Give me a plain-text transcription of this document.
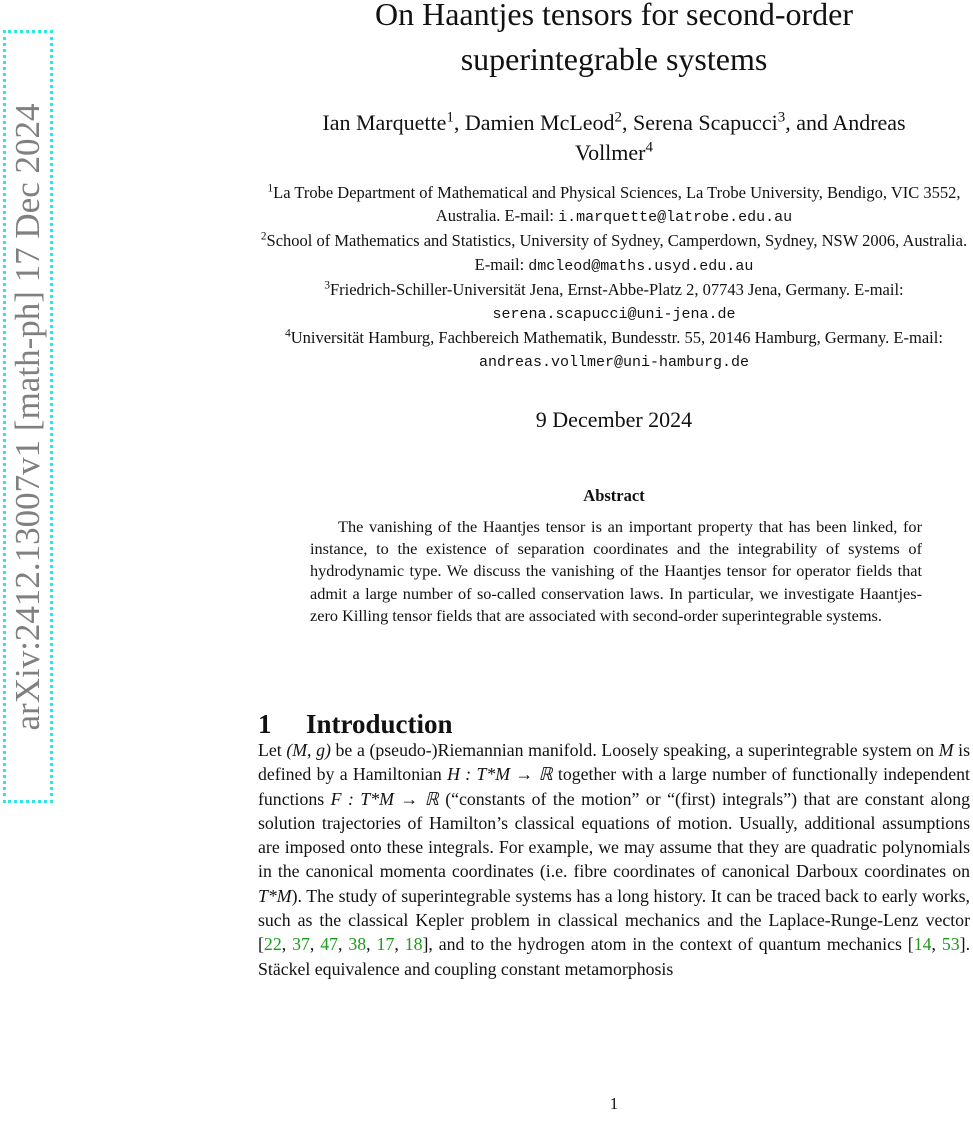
arXiv:2412.13007v1 [math-ph] 17 Dec 2024
On Haantjes tensors for second-order
superintegrable systems
Ian Marquette$^1$, Damien McLeod$^2$, Serena Scapucci$^3$, and Andreas
Vollmer$^4$
$^1$La Trobe Department of Mathematical and Physical Sciences, La Trobe University, Bendigo, VIC 3552, Australia. E-mail: i.marquette@latrobe.edu.au
$^2$School of Mathematics and Statistics, University of Sydney, Camperdown, Sydney, NSW 2006, Australia. E-mail: dmcleod@maths.usyd.edu.au
$^3$Friedrich-Schiller-Universität Jena, Ernst-Abbe-Platz 2, 07743 Jena, Germany. E-mail: serena.scapucci@uni-jena.de
$^4$Universität Hamburg, Fachbereich Mathematik, Bundesstr. 55, 20146 Hamburg, Germany. E-mail: andreas.vollmer@uni-hamburg.de
9 December 2024
Abstract
The vanishing of the Haantjes tensor is an important property that has been linked, for instance, to the existence of separation coordinates and the integrability of systems of hydrodynamic type. We discuss the vanishing of the Haantjes tensor for operator fields that admit a large number of so-called conservation laws. In particular, we investigate Haantjes-zero Killing tensor fields that are associated with second-order superintegrable systems.
1 Introduction
Let (M, g) be a (pseudo-)Riemannian manifold. Loosely speaking, a superintegrable system on M is defined by a Hamiltonian H : T*M → ℝ together with a large number of functionally independent functions F : T*M → ℝ (“constants of the motion” or “(first) integrals”) that are constant along solution trajectories of Hamilton’s classical equations of motion. Usually, additional assumptions are imposed onto these integrals. For example, we may assume that they are quadratic polynomials in the canonical momenta coordinates (i.e. fibre coordinates of canonical Darboux coordinates on T*M). The study of superintegrable systems has a long history. It can be traced back to early works, such as the classical Kepler problem in classical mechanics and the Laplace-Runge-Lenz vector [22, 37, 47, 38, 17, 18], and to the hydrogen atom in the context of quantum mechanics [14, 53]. Stäckel equivalence and coupling constant metamorphosis
1
